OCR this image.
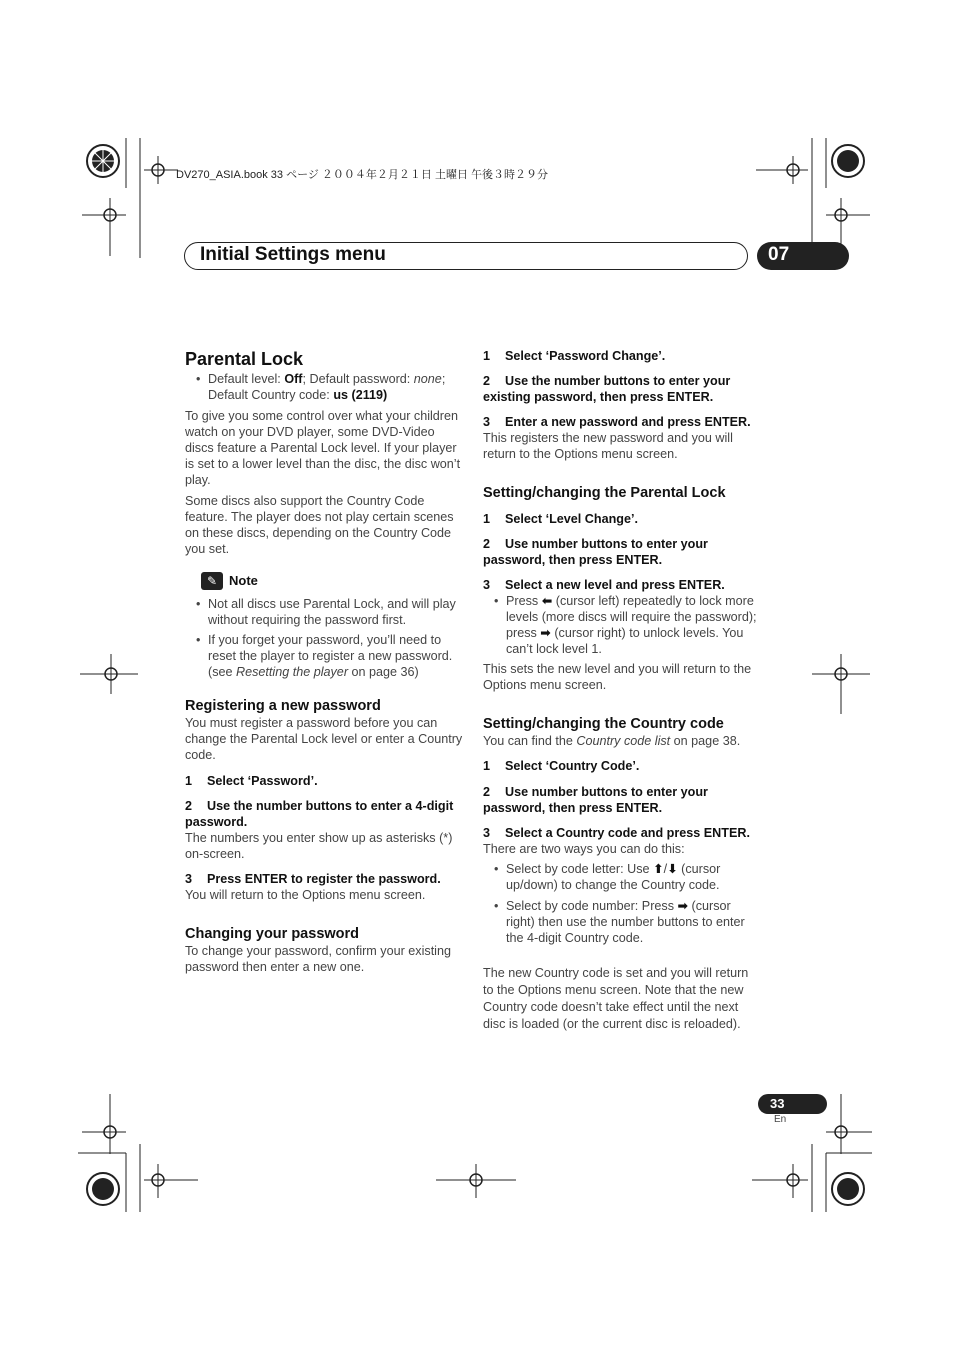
DV270_ASIA.book 33 ページ ２００４年２月２１日 土曜日 午後３時２９分
Initial Settings menu	07
Parental Lock
• Default level: Off; Default password: none; Default Country code: us (2119)

To give you some control over what your children watch on your DVD player, some DVD-Video discs feature a Parental Lock level. If your player is set to a lower level than the disc, the disc won’t play.

Some discs also support the Country Code feature. The player does not play certain scenes on these discs, depending on the Country Code you set.

✎ Note
• Not all discs use Parental Lock, and will play without requiring the password first.
• If you forget your password, you’ll need to reset the player to register a new password. (see Resetting the player on page 36)
Registering a new password

You must register a password before you can change the Parental Lock level or enter a Country code.

1 Select ‘Password’.

2 Use the number buttons to enter a 4-digit password.

The numbers you enter show up as asterisks (*) on-screen.

3 Press ENTER to register the password.

You will return to the Options menu screen.

Changing your password

To change your password, confirm your existing password then enter a new one.

1 Select ‘Password Change’.

2 Use the number buttons to enter your existing password, then press ENTER.

3 Enter a new password and press ENTER.

This registers the new password and you will return to the Options menu screen.

Setting/changing the Parental Lock

1 Select ‘Level Change’.

2 Use number buttons to enter your password, then press ENTER.

3 Select a new level and press ENTER.

• Press ⬅ (cursor left) repeatedly to lock more levels (more discs will require the password); press ➡ (cursor right) to unlock levels. You can’t lock level 1.

This sets the new level and you will return to the Options menu screen.

Setting/changing the Country code

You can find the Country code list on page 38.

1 Select ‘Country Code’.

2 Use number buttons to enter your password, then press ENTER.

3 Select a Country code and press ENTER.

There are two ways you can do this:

• Select by code letter: Use ⬆/⬇ (cursor up/down) to change the Country code.
• Select by code number: Press ➡ (cursor right) then use the number buttons to enter the 4-digit Country code.

The new Country code is set and you will return to the Options menu screen. Note that the new Country code doesn’t take effect until the next disc is loaded (or the current disc is reloaded).

33
En
